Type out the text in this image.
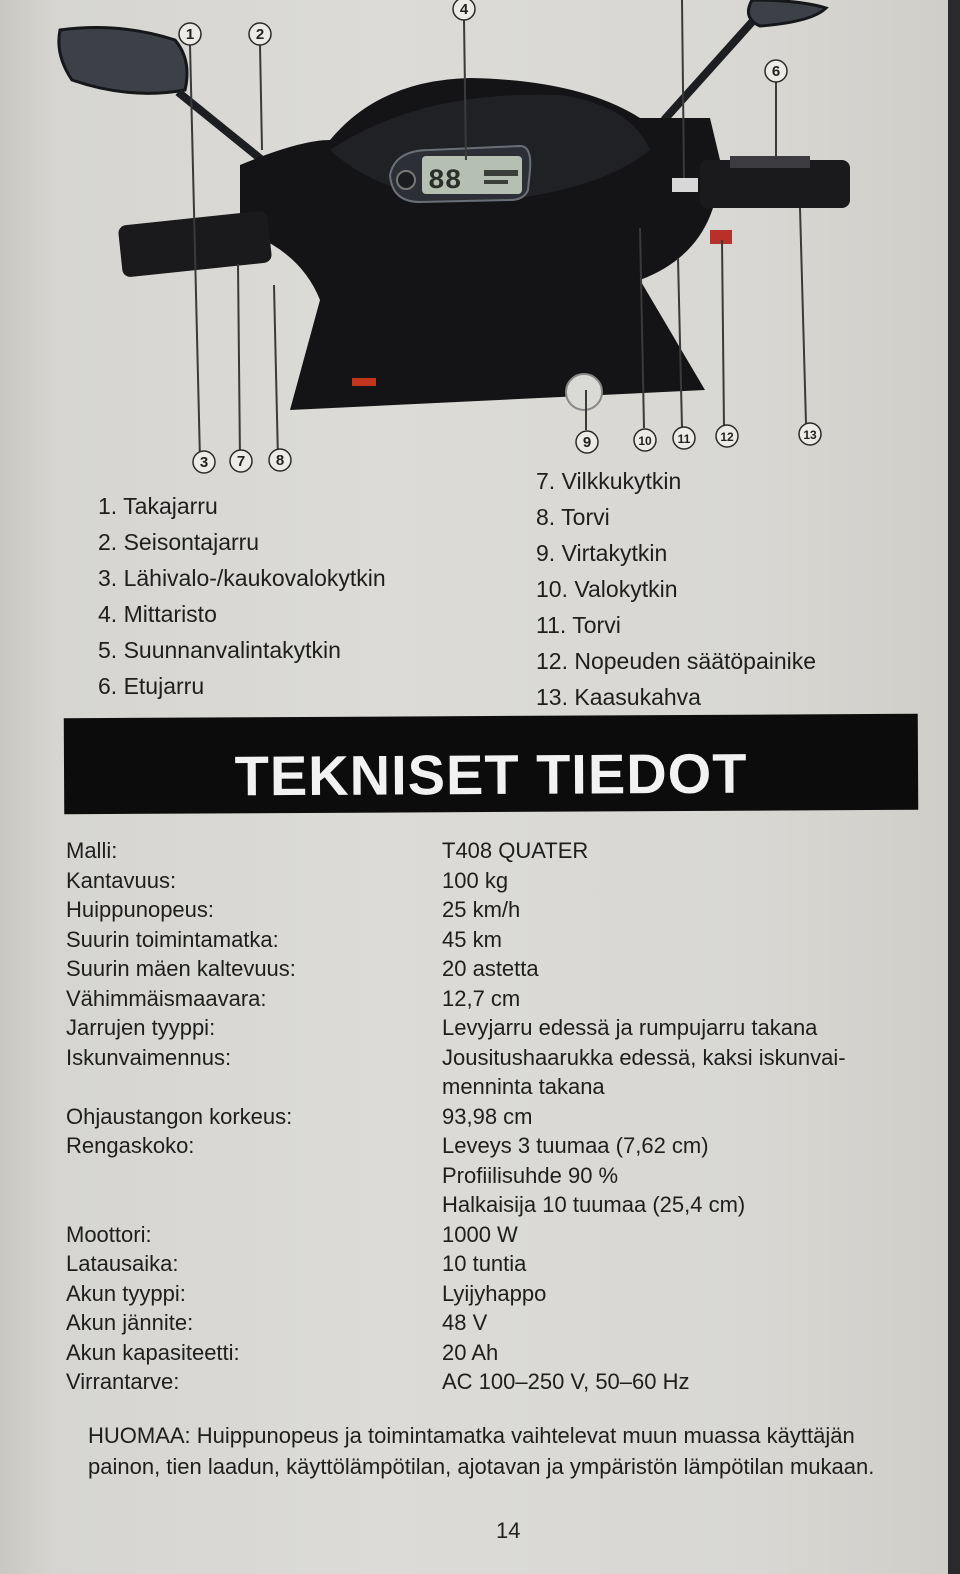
88
1	2
3
4
6
7 8
9	10 11 12	13
1. Takajarru
2. Seisontajarru
3. Lähivalo-/kaukovalokytkin
4. Mittaristo
5. Suunnanvalintakytkin
6. Etujarru
7. Vilkkukytkin
8. Torvi
9. Virtakytkin
10. Valokytkin
11. Torvi
12. Nopeuden säätöpainike
13. Kaasukahva
TEKNISET TIEDOT
Malli:	T408 QUATER
Kantavuus:	100 kg
Huippunopeus:	25 km/h
Suurin toimintamatka:	45 km
Suurin mäen kaltevuus:	20 astetta
Vähimmäismaavara:	12,7 cm
Jarrujen tyyppi:	Levyjarru edessä ja rumpujarru takana
Iskunvaimennus:	Jousitushaarukka edessä, kaksi iskunvai-
menninta takana
Ohjaustangon korkeus:	93,98 cm
Rengaskoko:	Leveys 3 tuumaa (7,62 cm)
Profiilisuhde 90 %
Halkaisija 10 tuumaa (25,4 cm)
Moottori:	1000 W
Latausaika:	10 tuntia
Akun tyyppi:	Lyijyhappo
Akun jännite:	48 V
Akun kapasiteetti:	20 Ah
Virrantarve:	AC 100–250 V, 50–60 Hz
HUOMAA: Huippunopeus ja toimintamatka vaihtelevat muun muassa käyttäjän painon, tien laadun, käyttölämpötilan, ajotavan ja ympäristön lämpötilan mukaan.
14
